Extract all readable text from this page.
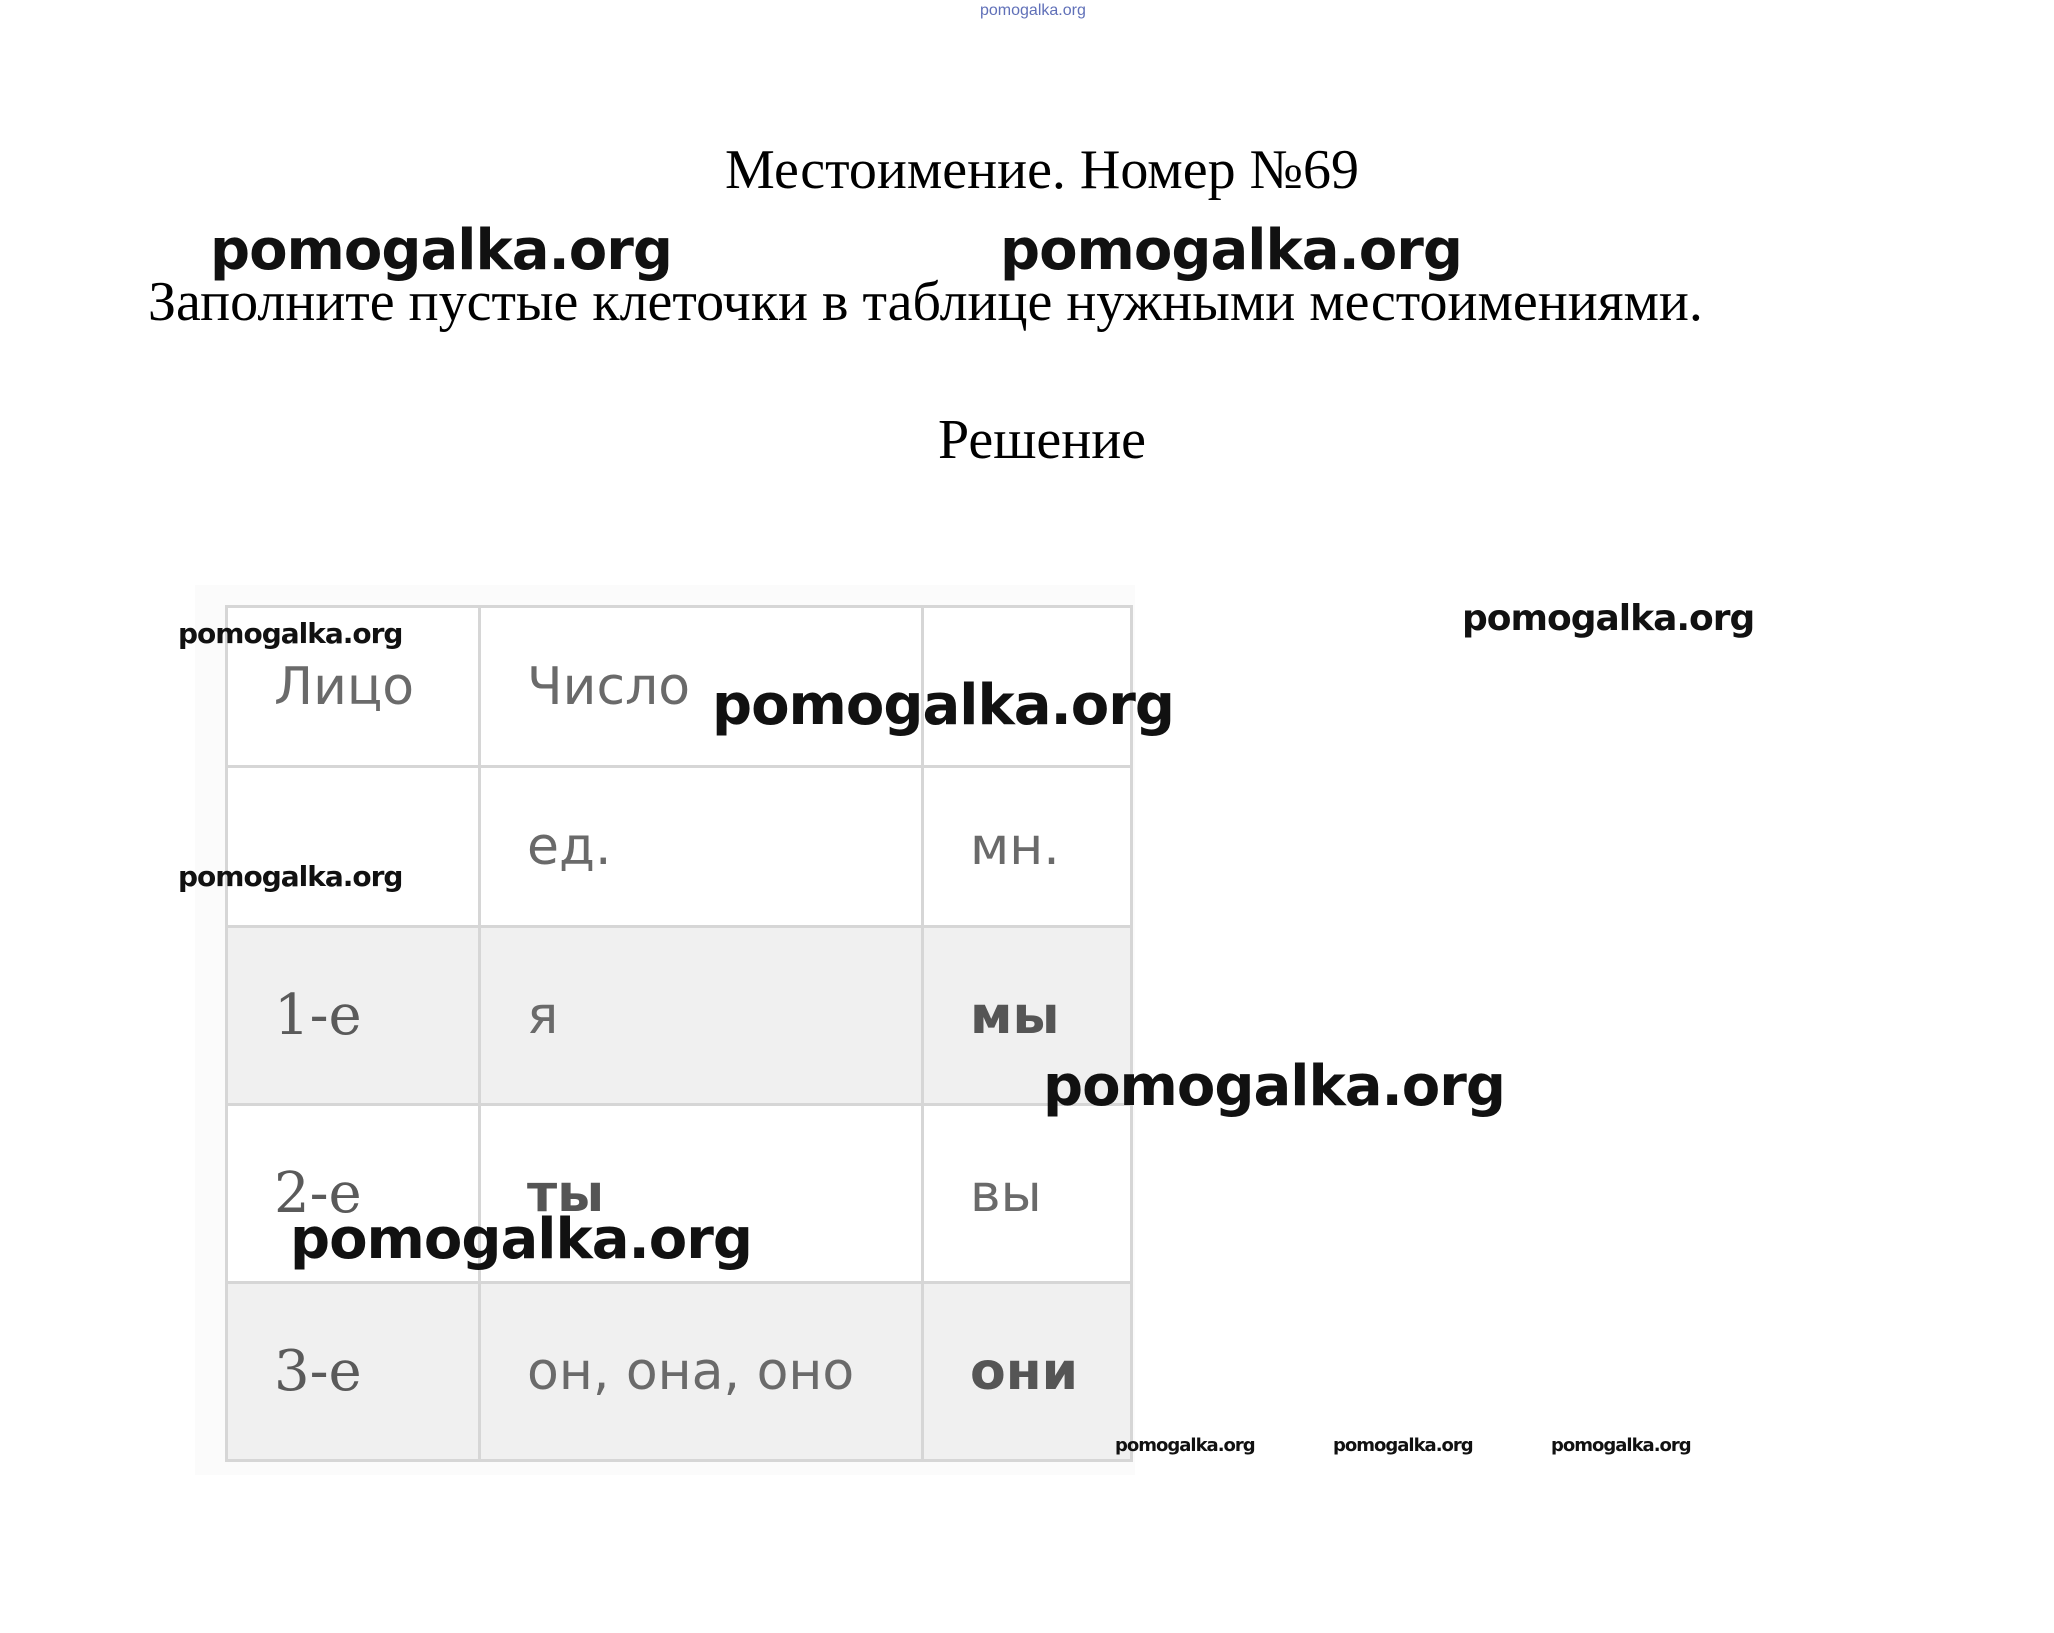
pomogalka.org
Местоимение. Номер №69
Заполните пустые клеточки в таблице нужными местоимениями.
Решение
Лицо	Число	
	ед.	мн.
1-е	я	мы
2-е	ты	вы
3-е	он, она, оно	они
pomogalka.org	pomogalka.org
pomogalka.org	pomogalka.org
pomogalka.org
pomogalka.org
pomogalka.org
pomogalka.org
pomogalka.org	pomogalka.org	pomogalka.org
